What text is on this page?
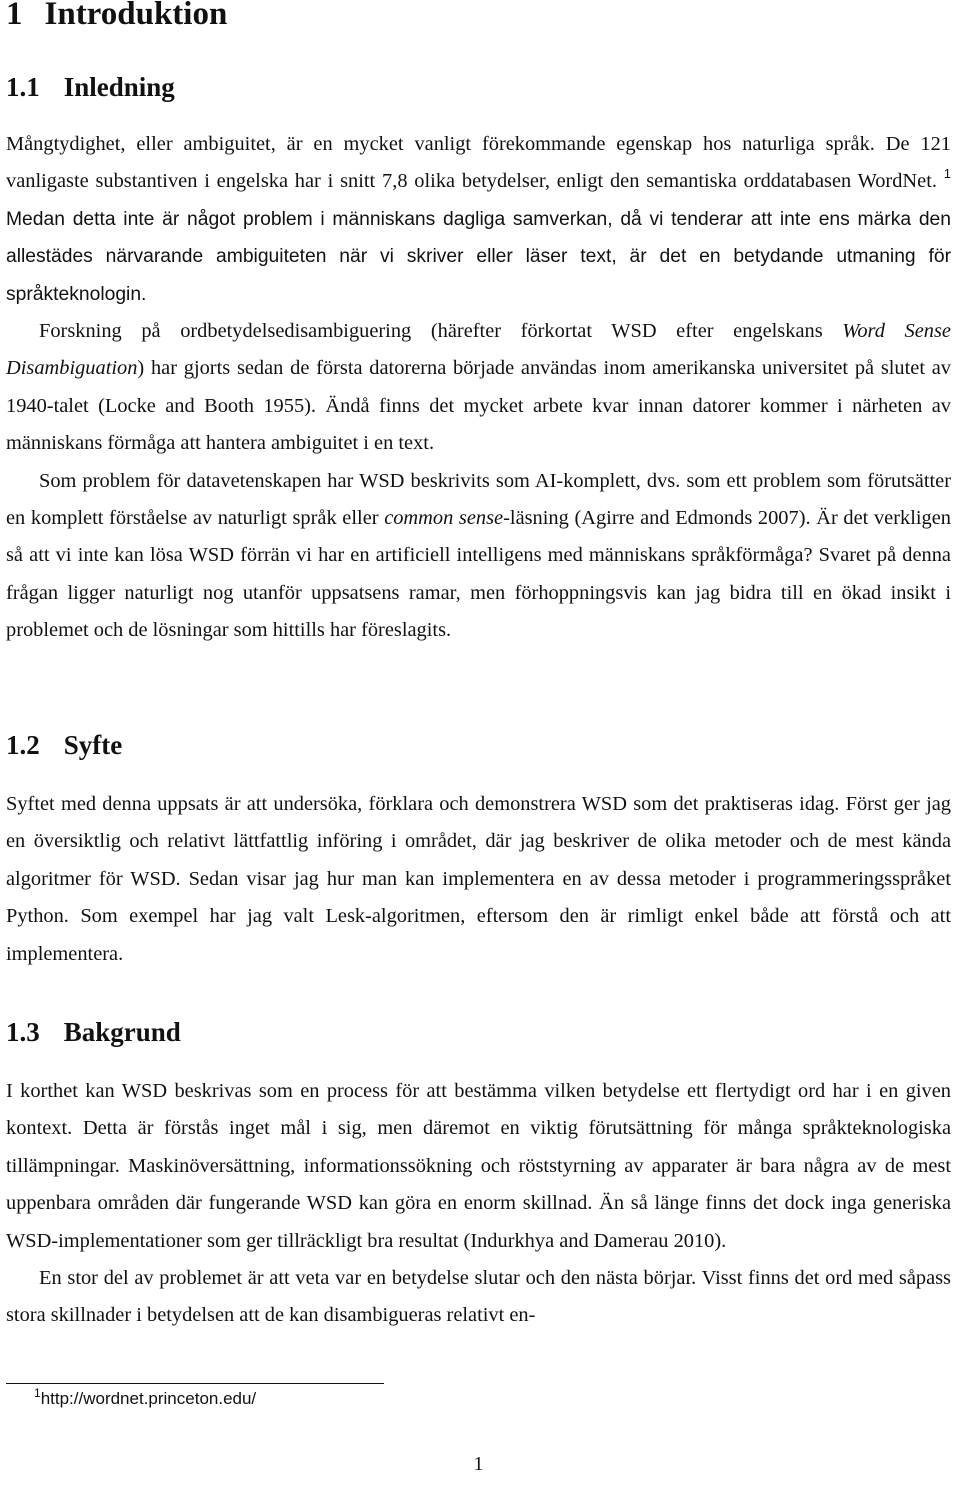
1 Introduktion
1.1 Inledning

Mångtydighet, eller ambiguitet, är en mycket vanligt förekommande egenskap hos naturliga språk. De 121 vanligaste substantiven i engelska har i snitt 7,8 olika betydelser, enligt den semantiska orddatabasen WordNet. $^1$ Medan detta inte är något problem i människans dagliga samverkan, då vi tenderar att inte ens märka den allestädes närvarande ambiguiteten när vi skriver eller läser text, är det en betydande utmaning för språkteknologin.

Forskning på ordbetydelsedisambiguering (härefter förkortat WSD efter engelskans Word Sense Disambiguation) har gjorts sedan de första datorerna började användas inom amerikanska universitet på slutet av 1940-talet (Locke and Booth 1955). Ändå finns det mycket arbete kvar innan datorer kommer i närheten av människans förmåga att hantera ambiguitet i en text.

Som problem för datavetenskapen har WSD beskrivits som AI-komplett, dvs. som ett problem som förutsätter en komplett förståelse av naturligt språk eller common sense-läsning (Agirre and Edmonds 2007). Är det verkligen så att vi inte kan lösa WSD förrän vi har en artificiell intelligens med människans språkförmåga? Svaret på denna frågan ligger naturligt nog utanför uppsatsens ramar, men förhoppningsvis kan jag bidra till en ökad insikt i problemet och de lösningar som hittills har föreslagits.

1.2 Syfte

Syftet med denna uppsats är att undersöka, förklara och demonstrera WSD som det praktiseras idag. Först ger jag en översiktlig och relativt lättfattlig införing i området, där jag beskriver de olika metoder och de mest kända algoritmer för WSD. Sedan visar jag hur man kan implementera en av dessa metoder i programmeringsspråket Python. Som exempel har jag valt Lesk-algoritmen, eftersom den är rimligt enkel både att förstå och att implementera.

1.3 Bakgrund

I korthet kan WSD beskrivas som en process för att bestämma vilken betydelse ett flertydigt ord har i en given kontext. Detta är förstås inget mål i sig, men däremot en viktig förutsättning för många språkteknologiska tillämpningar. Maskinöversättning, informationssökning och röststyrning av apparater är bara några av de mest uppenbara områden där fungerande WSD kan göra en enorm skillnad. Än så länge finns det dock inga generiska WSD-implementationer som ger tillräckligt bra resultat (Indurkhya and Damerau 2010).

En stor del av problemet är att veta var en betydelse slutar och den nästa börjar. Visst finns det ord med såpass stora skillnader i betydelsen att de kan disambigueras relativt en-

$^1$http://wordnet.princeton.edu/
1
